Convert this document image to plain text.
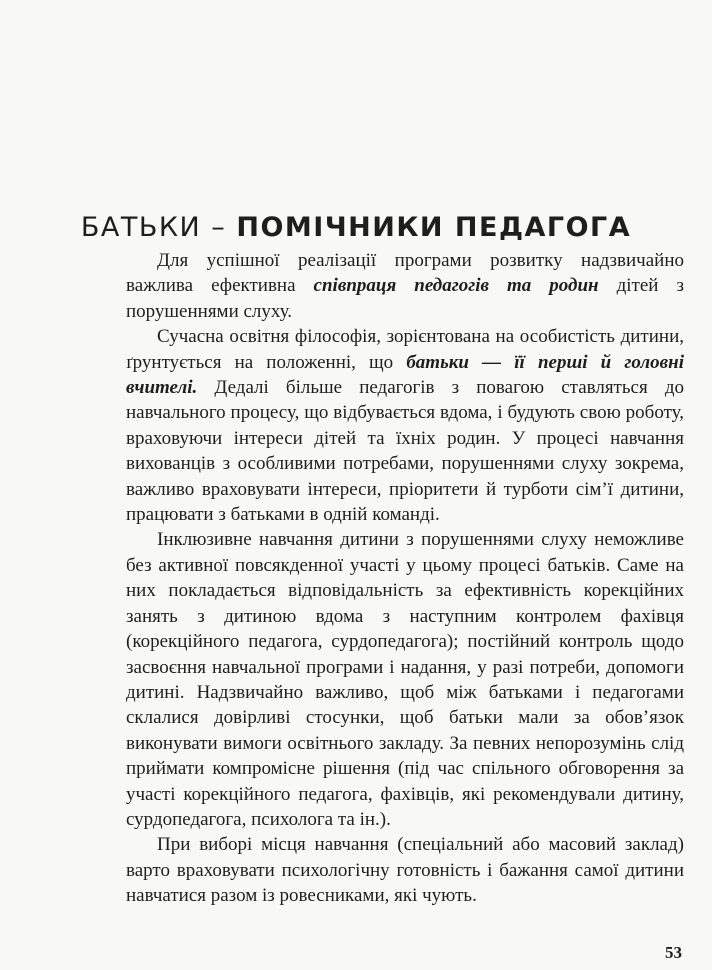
БАТЬКИ – ПОМІЧНИКИ ПЕДАГОГА

Для успішної реалізації програми розвитку надзвичайно важлива ефективна співпраця педагогів та родин дітей з порушеннями слуху.

Сучасна освітня філософія, зорієнтована на особистість дитини, ґрунтується на положенні, що батьки — її перші й головні вчителі. Дедалі більше педагогів з повагою ставляться до навчального процесу, що відбувається вдома, і будують свою роботу, враховуючи інтереси дітей та їхніх родин. У процесі навчання вихованців з особливими потребами, порушеннями слуху зокрема, важливо враховувати інтереси, пріоритети й турботи сім’ї дитини, працювати з батьками в одній команді.

Інклюзивне навчання дитини з порушеннями слуху неможливе без активної повсякденної участі у цьому процесі батьків. Саме на них покладається відповідальність за ефективність корекційних занять з дитиною вдома з наступним контролем фахівця (корекційного педагога, сурдопедагога); постійний контроль щодо засвоєння навчальної програми і надання, у разі потреби, допомоги дитині. Надзвичайно важливо, щоб між батьками і педагогами склалися довірливі стосунки, щоб батьки мали за обов’язок виконувати вимоги освітнього закладу. За певних непорозумінь слід приймати компромісне рішення (під час спільного обговорення за участі корекційного педагога, фахівців, які рекомендували дитину, сурдопедагога, психолога та ін.).

При виборі місця навчання (спеціальний або масовий заклад) варто враховувати психологічну готовність і бажання самої дитини навчатися разом із ровесниками, які чують.

53
